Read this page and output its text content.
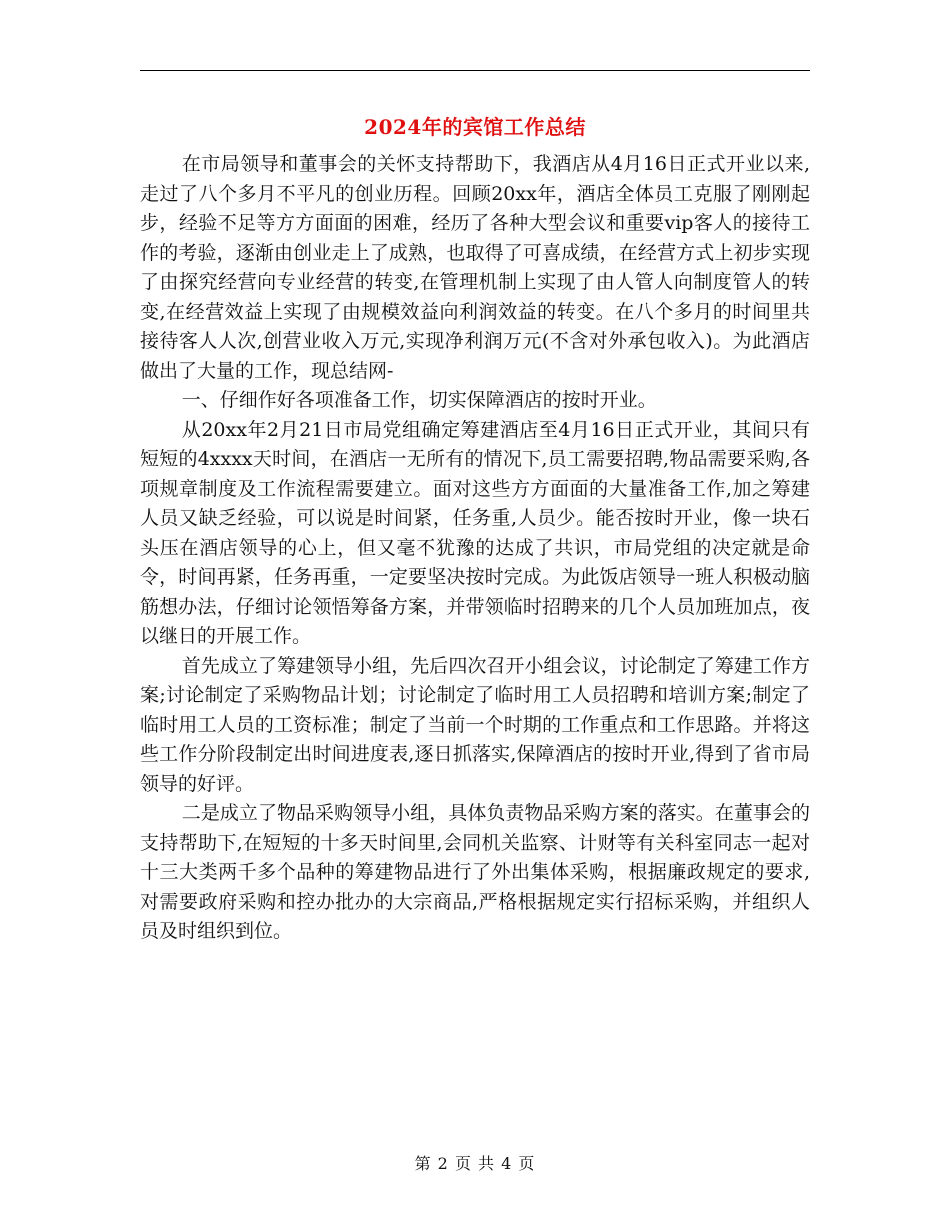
2024年的宾馆工作总结

在市局领导和董事会的关怀支持帮助下，我酒店从4月16日正式开业以来,走过了八个多月不平凡的创业历程。回顾20xx年，酒店全体员工克服了刚刚起步，经验不足等方方面面的困难，经历了各种大型会议和重要vip客人的接待工作的考验，逐渐由创业走上了成熟，也取得了可喜成绩，在经营方式上初步实现了由探究经营向专业经营的转变,在管理机制上实现了由人管人向制度管人的转变,在经营效益上实现了由规模效益向利润效益的转变。在八个多月的时间里共接待客人人次,创营业收入万元,实现净利润万元(不含对外承包收入)。为此酒店做出了大量的工作，现总结网-

一、仔细作好各项准备工作，切实保障酒店的按时开业。

从20xx年2月21日市局党组确定筹建酒店至4月16日正式开业，其间只有短短的4xxxx天时间，在酒店一无所有的情况下,员工需要招聘,物品需要采购,各项规章制度及工作流程需要建立。面对这些方方面面的大量准备工作,加之筹建人员又缺乏经验，可以说是时间紧，任务重,人员少。能否按时开业，像一块石头压在酒店领导的心上，但又毫不犹豫的达成了共识，市局党组的决定就是命令，时间再紧，任务再重，一定要坚决按时完成。为此饭店领导一班人积极动脑筋想办法，仔细讨论领悟筹备方案，并带领临时招聘来的几个人员加班加点，夜以继日的开展工作。

首先成立了筹建领导小组，先后四次召开小组会议，讨论制定了筹建工作方案;讨论制定了采购物品计划；讨论制定了临时用工人员招聘和培训方案;制定了临时用工人员的工资标准；制定了当前一个时期的工作重点和工作思路。并将这些工作分阶段制定出时间进度表,逐日抓落实,保障酒店的按时开业,得到了省市局领导的好评。

二是成立了物品采购领导小组，具体负责物品采购方案的落实。在董事会的支持帮助下,在短短的十多天时间里,会同机关监察、计财等有关科室同志一起对十三大类两千多个品种的筹建物品进行了外出集体采购，根据廉政规定的要求,对需要政府采购和控办批办的大宗商品,严格根据规定实行招标采购，并组织人员及时组织到位。

第 2 页 共 4 页
